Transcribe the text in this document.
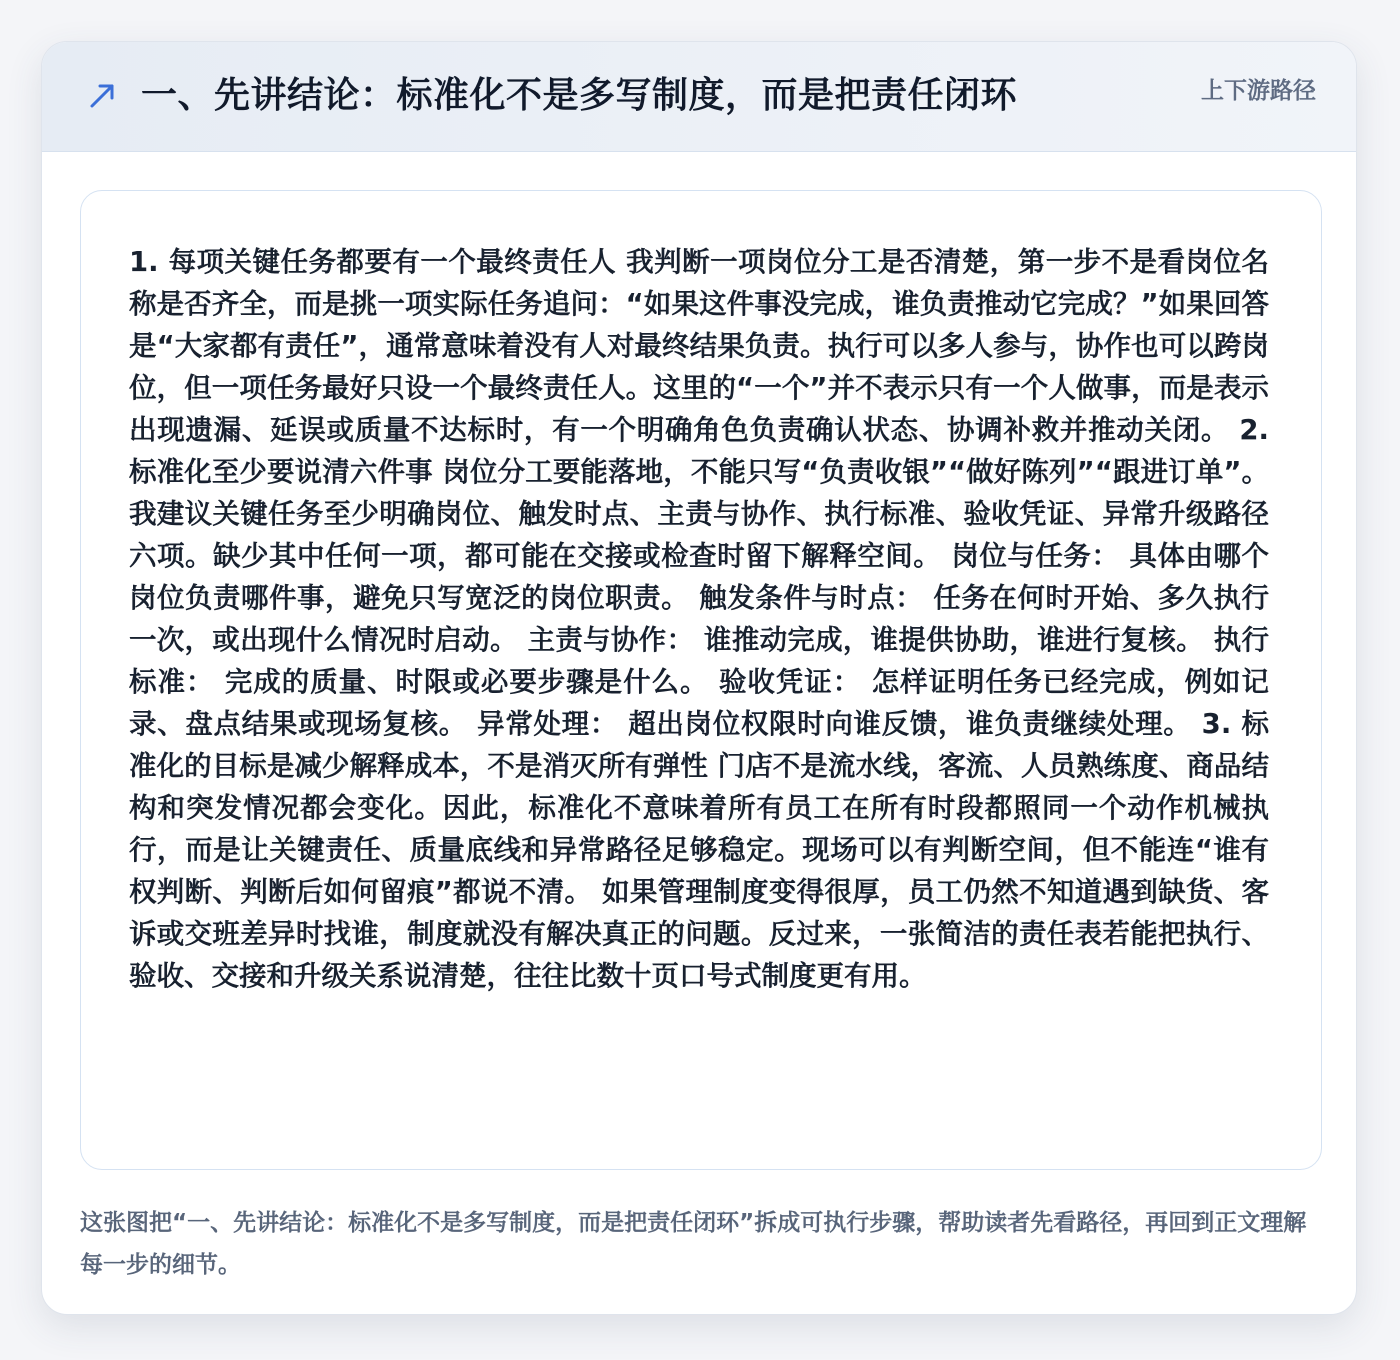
一、先讲结论：标准化不是多写制度，而是把责任闭环	上下游路径

1. 每项关键任务都要有一个最终责任人 我判断一项岗位分工是否清楚，第一步不是看岗位名称是否齐全，而是挑一项实际任务追问：“如果这件事没完成，谁负责推动它完成？”如果回答是“大家都有责任”，通常意味着没有人对最终结果负责。执行可以多人参与，协作也可以跨岗位，但一项任务最好只设一个最终责任人。这里的“一个”并不表示只有一个人做事，而是表示出现遗漏、延误或质量不达标时，有一个明确角色负责确认状态、协调补救并推动关闭。 2. 标准化至少要说清六件事 岗位分工要能落地，不能只写“负责收银”“做好陈列”“跟进订单”。我建议关键任务至少明确岗位、触发时点、主责与协作、执行标准、验收凭证、异常升级路径六项。缺少其中任何一项，都可能在交接或检查时留下解释空间。 岗位与任务： 具体由哪个岗位负责哪件事，避免只写宽泛的岗位职责。 触发条件与时点： 任务在何时开始、多久执行一次，或出现什么情况时启动。 主责与协作： 谁推动完成，谁提供协助，谁进行复核。 执行标准： 完成的质量、时限或必要步骤是什么。 验收凭证： 怎样证明任务已经完成，例如记录、盘点结果或现场复核。 异常处理： 超出岗位权限时向谁反馈，谁负责继续处理。 3. 标准化的目标是减少解释成本，不是消灭所有弹性 门店不是流水线，客流、人员熟练度、商品结构和突发情况都会变化。因此，标准化不意味着所有员工在所有时段都照同一个动作机械执行，而是让关键责任、质量底线和异常路径足够稳定。现场可以有判断空间，但不能连“谁有权判断、判断后如何留痕”都说不清。 如果管理制度变得很厚，员工仍然不知道遇到缺货、客诉或交班差异时找谁，制度就没有解决真正的问题。反过来，一张简洁的责任表若能把执行、验收、交接和升级关系说清楚，往往比数十页口号式制度更有用。

这张图把“一、先讲结论：标准化不是多写制度，而是把责任闭环”拆成可执行步骤，帮助读者先看路径，再回到正文理解每一步的细节。
